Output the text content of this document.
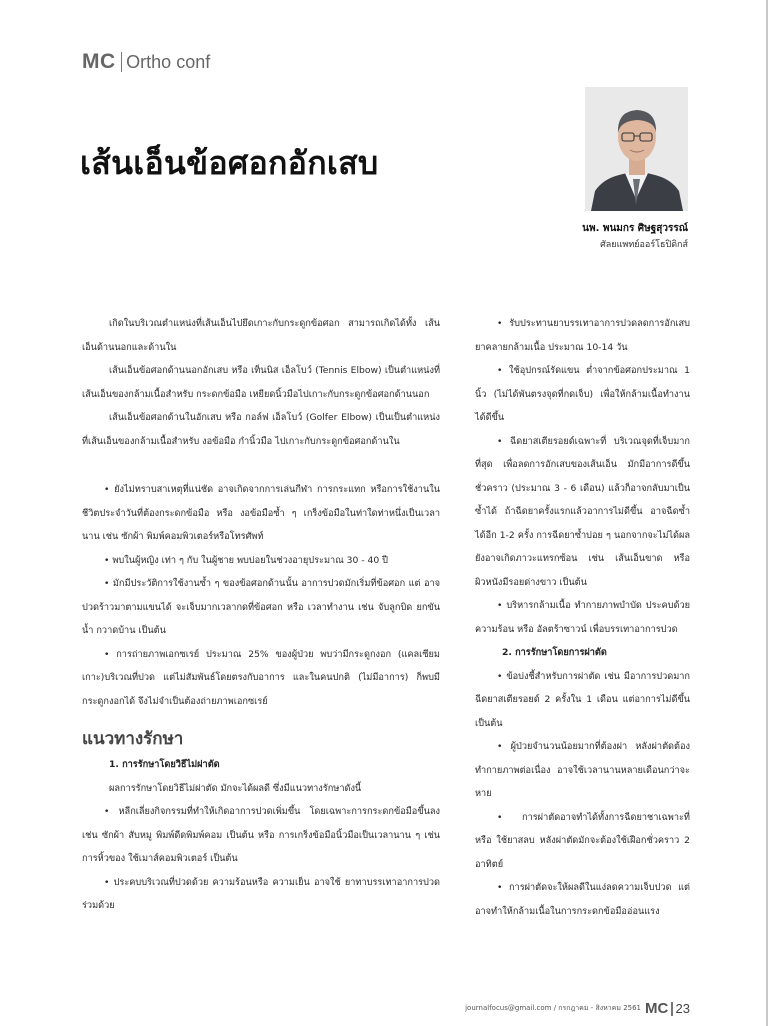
MC Ortho conf
เส้นเอ็นข้อศอกอักเสบ
นพ. พนมกร ศิษฐสุวรรณ์
ศัลยแพทย์ออร์โธปิดิกส์

เกิดในบริเวณตำแหน่งที่เส้นเอ็นไปยึดเกาะกับกระดูกข้อศอก สามารถเกิดได้ทั้ง เส้นเอ็นด้านนอกและด้านใน

เส้นเอ็นข้อศอกด้านนอกอักเสบ หรือ เท็นนิส เอ็ลโบว์ (Tennis Elbow) เป็นตำแหน่งที่เส้นเอ็นของกล้ามเนื้อสำหรับ กระดกข้อมือ เหยียดนิ้วมือไปเกาะกับกระดูกข้อศอกด้านนอก

เส้นเอ็นข้อศอกด้านในอักเสบ หรือ กอล์ฟ เอ็ลโบว์ (Golfer Elbow) เป็นเป็นตำแหน่งที่เส้นเอ็นของกล้ามเนื้อสำหรับ งอข้อมือ กำนิ้วมือ ไปเกาะกับกระดูกข้อศอกด้านใน

• ยังไม่ทราบสาเหตุที่แน่ชัด อาจเกิดจากการเล่นกีฬา การกระแทก หรือการใช้งานในชีวิตประจำวันที่ต้องกระดกข้อมือ หรือ งอข้อมือซ้ำ ๆ เกร็งข้อมือในท่าใดท่าหนึ่งเป็นเวลานาน เช่น ซักผ้า พิมพ์คอมพิวเตอร์หรือโทรศัพท์

• พบในผู้หญิง เท่า ๆ กับ ในผู้ชาย พบบ่อยในช่วงอายุประมาณ 30 - 40 ปี

• มักมีประวัติการใช้งานซ้ำ ๆ ของข้อศอกด้านนั้น อาการปวดมักเริ่มที่ข้อศอก แต่ อาจปวดร้าวมาตามแขนได้ จะเจ็บมากเวลากดที่ข้อศอก หรือ เวลาทำงาน เช่น จับลูกบิด ยกขันน้ำ กวาดบ้าน เป็นต้น

• การถ่ายภาพเอกซเรย์ ประมาณ 25% ของผู้ป่วย พบว่ามีกระดูกงอก (แคลเซียมเกาะ)บริเวณที่ปวด แต่ไม่สัมพันธ์โดยตรงกับอาการ และในคนปกติ (ไม่มีอาการ) ก็พบมีกระดูกงอกได้ จึงไม่จำเป็นต้องถ่ายภาพเอกซเรย์

แนวทางรักษา

1. การรักษาโดยวิธีไม่ผ่าตัด

ผลการรักษาโดยวิธีไม่ผ่าตัด มักจะได้ผลดี ซึ่งมีแนวทางรักษาดังนี้

• หลีกเลี่ยงกิจกรรมที่ทำให้เกิดอาการปวดเพิ่มขึ้น โดยเฉพาะการกระดกข้อมือขึ้นลง เช่น ซักผ้า สับหมู พิมพ์ดีดพิมพ์คอม เป็นต้น หรือ การเกร็งข้อมือนิ้วมือเป็นเวลานาน ๆ เช่น การหิ้วของ ใช้เมาส์คอมพิวเตอร์ เป็นต้น

• ประคบบริเวณที่ปวดด้วย ความร้อนหรือ ความเย็น อาจใช้ ยาทาบรรเทาอาการปวดร่วมด้วย

• รับประทานยาบรรเทาอาการปวดลดการอักเสบ ยาคลายกล้ามเนื้อ ประมาณ 10-14 วัน

• ใช้อุปกรณ์รัดแขน ต่ำจากข้อศอกประมาณ 1 นิ้ว (ไม่ได้พันตรงจุดที่กดเจ็บ) เพื่อให้กล้ามเนื้อทำงานได้ดีขึ้น

• ฉีดยาสเตียรอยด์เฉพาะที่ บริเวณจุดที่เจ็บมากที่สุด เพื่อลดการอักเสบของเส้นเอ็น มักมีอาการดีขึ้นชั่วคราว (ประมาณ 3 - 6 เดือน) แล้วก็อาจกลับมาเป็นซ้ำได้ ถ้าฉีดยาครั้งแรกแล้วอาการไม่ดีขึ้น อาจฉีดซ้ำได้อีก 1-2 ครั้ง การฉีดยาซ้ำบ่อย ๆ นอกจากจะไม่ได้ผล ยังอาจเกิดภาวะแทรกซ้อน เช่น เส้นเอ็นขาด หรือ ผิวหนังมีรอยด่างขาว เป็นต้น

• บริหารกล้ามเนื้อ ทำกายภาพบำบัด ประคบด้วยความร้อน หรือ อัลตร้าซาวน์ เพื่อบรรเทาอาการปวด

2. การรักษาโดยการผ่าตัด

• ข้อบ่งชี้สำหรับการผ่าตัด เช่น มีอาการปวดมาก ฉีดยาสเตียรอยด์ 2 ครั้งใน 1 เดือน แต่อาการไม่ดีขึ้น เป็นต้น

• ผู้ป่วยจำนวนน้อยมากที่ต้องผ่า หลังผ่าตัดต้องทำกายภาพต่อเนื่อง อาจใช้เวลานานหลายเดือนกว่าจะหาย

• การผ่าตัดอาจทำได้ทั้งการฉีดยาชาเฉพาะที่ หรือ ใช้ยาสลบ หลังผ่าตัดมักจะต้องใช้เฝือกชั่วคราว 2 อาทิตย์

• การผ่าตัดจะให้ผลดีในแง่ลดความเจ็บปวด แต่ อาจทำให้กล้ามเนื้อในการกระดกข้อมืออ่อนแรง

journalfocus@gmail.com / กรกฎาคม - สิงหาคม 2561 MC 23
